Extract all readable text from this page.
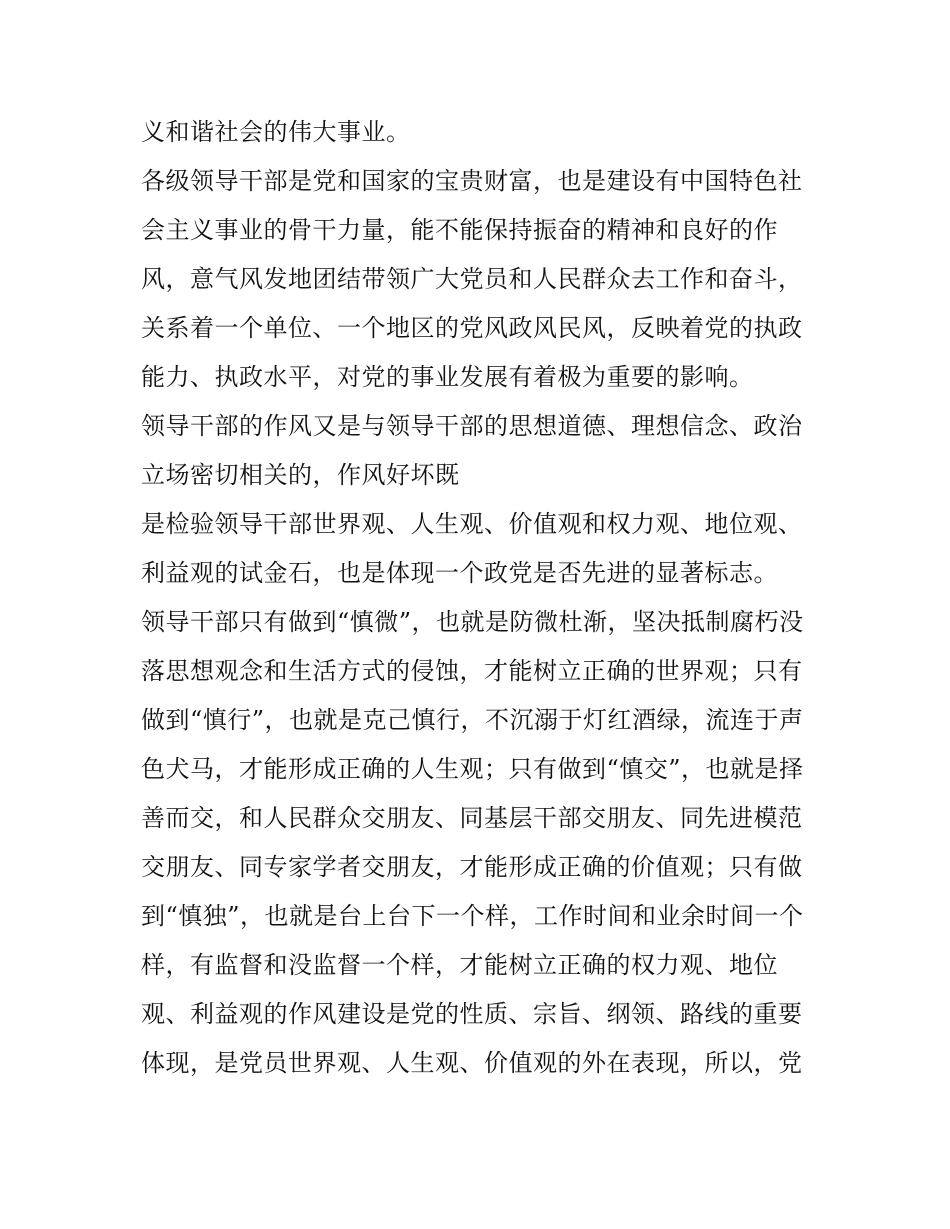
义和谐社会的伟大事业。
各级领导干部是党和国家的宝贵财富，也是建设有中国特色社
会主义事业的骨干力量，能不能保持振奋的精神和良好的作
风，意气风发地团结带领广大党员和人民群众去工作和奋斗，
关系着一个单位、一个地区的党风政风民风，反映着党的执政
能力、执政水平，对党的事业发展有着极为重要的影响。
领导干部的作风又是与领导干部的思想道德、理想信念、政治
立场密切相关的，作风好坏既
是检验领导干部世界观、人生观、价值观和权力观、地位观、
利益观的试金石，也是体现一个政党是否先进的显著标志。
领导干部只有做到“慎微”，也就是防微杜渐，坚决抵制腐朽没
落思想观念和生活方式的侵蚀，才能树立正确的世界观；只有
做到“慎行”，也就是克己慎行，不沉溺于灯红酒绿，流连于声
色犬马，才能形成正确的人生观；只有做到“慎交”，也就是择
善而交，和人民群众交朋友、同基层干部交朋友、同先进模范
交朋友、同专家学者交朋友，才能形成正确的价值观；只有做
到“慎独”，也就是台上台下一个样，工作时间和业余时间一个
样，有监督和没监督一个样，才能树立正确的权力观、地位
观、利益观的作风建设是党的性质、宗旨、纲领、路线的重要
体现，是党员世界观、人生观、价值观的外在表现，所以，党
